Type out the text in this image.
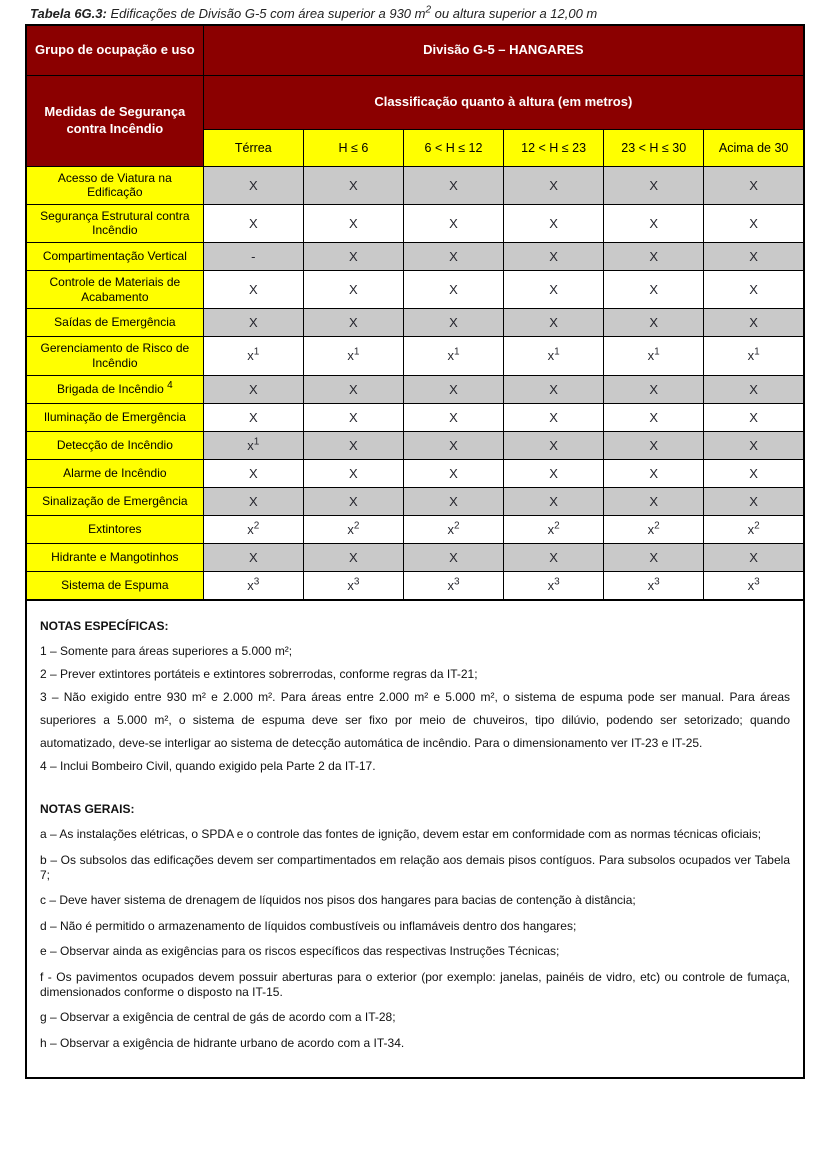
Tabela 6G.3: Edificações de Divisão G-5 com área superior a 930 $m^2$ ou altura superior a 12,00 m
Grupo de ocupação e uso	Divisão G-5 – HANGARES					
Medidas de Segurança contra Incêndio	Classificação quanto à altura (em metros)					
	Térrea	H ≤ 6	6 < H ≤ 12	12 < H ≤ 23	23 < H ≤ 30	Acima de 30
Acesso de Viatura na Edificação	X	X	X	X	X	X
Segurança Estrutural contra Incêndio	X	X	X	X	X	X
Compartimentação Vertical	-	X	X	X	X	X
Controle de Materiais de Acabamento	X	X	X	X	X	X
Saídas de Emergência	X	X	X	X	X	X
Gerenciamento de Risco de Incêndio	$x^1$	$x^1$	$x^1$	$x^1$	$x^1$	$x^1$
Brigada de Incêndio $^4$	X	X	X	X	X	X
Iluminação de Emergência	X	X	X	X	X	X
Detecção de Incêndio	$x^1$	X	X	X	X	X
Alarme de Incêndio	X	X	X	X	X	X
Sinalização de Emergência	X	X	X	X	X	X
Extintores	$x^2$	$x^2$	$x^2$	$x^2$	$x^2$	$x^2$
Hidrante e Mangotinhos	X	X	X	X	X	X
Sistema de Espuma	$x^3$	$x^3$	$x^3$	$x^3$	$x^3$	$x^3$

NOTAS ESPECÍFICAS:

1 – Somente para áreas superiores a 5.000 m²;

2 – Prever extintores portáteis e extintores sobrerrodas, conforme regras da IT-21;

3 – Não exigido entre 930 m² e 2.000 m². Para áreas entre 2.000 m² e 5.000 m², o sistema de espuma pode ser manual. Para áreas superiores a 5.000 m², o sistema de espuma deve ser fixo por meio de chuveiros, tipo dilúvio, podendo ser setorizado; quando automatizado, deve-se interligar ao sistema de detecção automática de incêndio. Para o dimensionamento ver IT-23 e IT-25.

4 – Inclui Bombeiro Civil, quando exigido pela Parte 2 da IT-17.

NOTAS GERAIS:

a – As instalações elétricas, o SPDA e o controle das fontes de ignição, devem estar em conformidade com as normas técnicas oficiais;

b – Os subsolos das edificações devem ser compartimentados em relação aos demais pisos contíguos. Para subsolos ocupados ver Tabela 7;

c – Deve haver sistema de drenagem de líquidos nos pisos dos hangares para bacias de contenção à distância;

d – Não é permitido o armazenamento de líquidos combustíveis ou inflamáveis dentro dos hangares;

e – Observar ainda as exigências para os riscos específicos das respectivas Instruções Técnicas;

f - Os pavimentos ocupados devem possuir aberturas para o exterior (por exemplo: janelas, painéis de vidro, etc) ou controle de fumaça, dimensionados conforme o disposto na IT-15.

g – Observar a exigência de central de gás de acordo com a IT-28;

h – Observar a exigência de hidrante urbano de acordo com a IT-34.
